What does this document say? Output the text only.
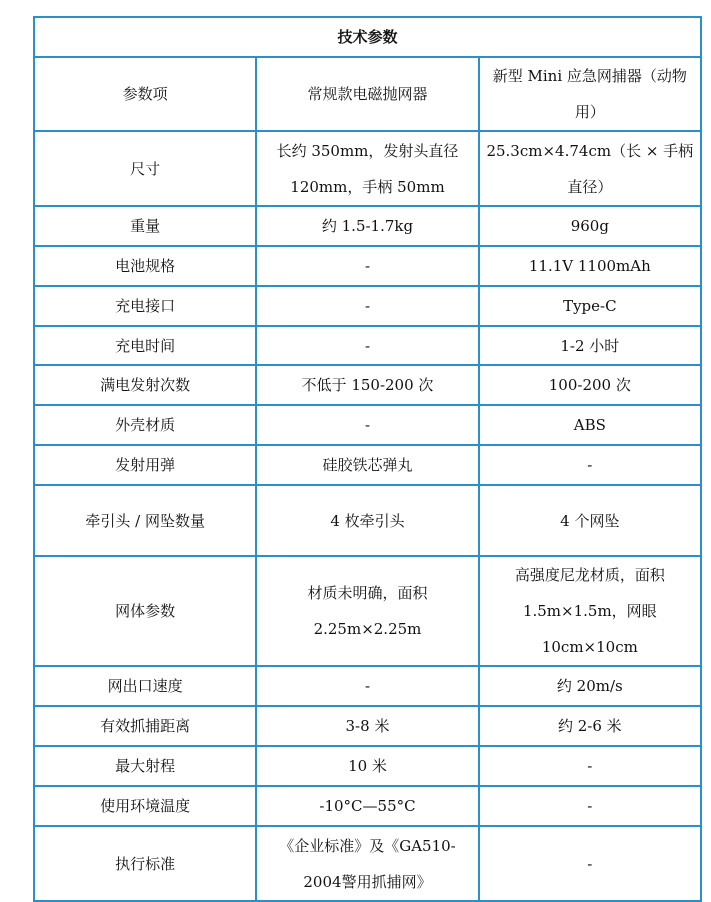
技术参数		
参数项	常规款电磁抛网器	新型 Mini 应急网捕器（动物用）
尺寸	长约 350mm，发射头直径120mm，手柄 50mm	25.3cm×4.74cm（长 × 手柄直径）
重量	约 1.5-1.7kg	960g
电池规格	-	11.1V 1100mAh
充电接口	-	Type-C
充电时间	-	1-2 小时
满电发射次数	不低于 150-200 次	100-200 次
外壳材质	-	ABS
发射用弹	硅胶铁芯弹丸	-
牵引头 / 网坠数量	4 枚牵引头	4 个网坠
网体参数	材质未明确，面积2.25m×2.25m	高强度尼龙材质，面积1.5m×1.5m，网眼 10cm×10cm
网出口速度	-	约 20m/s
有效抓捕距离	3-8 米	约 2-6 米
最大射程	10 米	-
使用环境温度	-10°C—55°C	-
执行标准	《企业标准》及《GA510-2004警用抓捕网》	-
